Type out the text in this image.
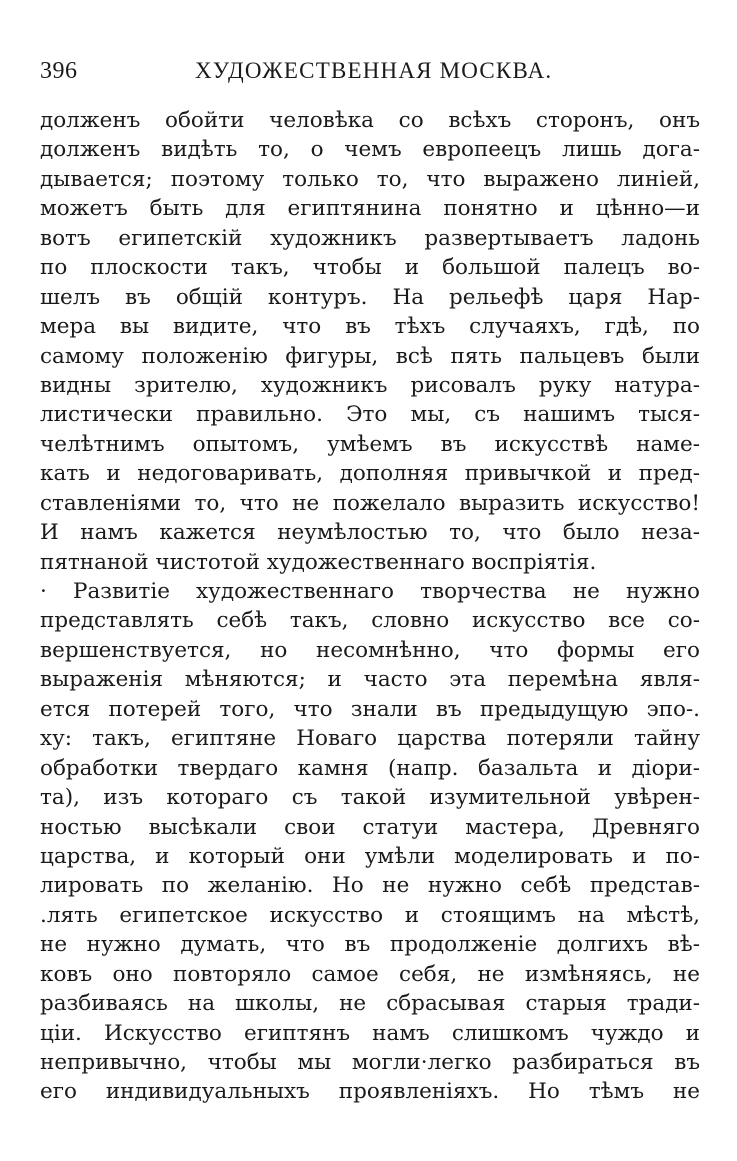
396	ХУДОЖЕСТВЕННАЯ МОСКВА.
долженъ обойти человѣка со всѣхъ сторонъ, онъ
долженъ видѣть то, о чемъ европеецъ лишь дога-
дывается; поэтому только то, что выражено линіей,
можетъ быть для египтянина понятно и цѣнно—и
вотъ египетскій художникъ развертываетъ ладонь
по плоскости такъ, чтобы и большой палецъ во-
шелъ въ общій контуръ. На рельефѣ царя Нар-
мера вы видите, что въ тѣхъ случаяхъ, гдѣ, по
самому положенію фигуры, всѣ пять пальцевъ были
видны зрителю, художникъ рисовалъ руку натура-
листически правильно. Это мы, съ нашимъ тыся-
челѣтнимъ опытомъ, умѣемъ въ искусствѣ наме-
кать и недоговаривать, дополняя привычкой и пред-
ставленіями то, что не пожелало выразить искусство!
И намъ кажется неумѣлостью то, что было неза-
пятнаной чистотой художественнаго воспріятія.
· Развитіе художественнаго творчества не нужно
представлять себѣ такъ, словно искусство все со-
вершенствуется, но несомнѣнно, что формы его
выраженія мѣняются; и часто эта перемѣна явля-
ется потерей того, что знали въ предыдущую эпо-.
ху: такъ, египтяне Новаго царства потеряли тайну
обработки твердаго камня (напр. базальта и діори-
та), изъ котораго съ такой изумительной увѣрен-
ностью высѣкали свои статуи мастера, Древняго
царства, и который они умѣли моделировать и по-
лировать по желанію. Но не нужно себѣ представ-
.лять египетское искусство и стоящимъ на мѣстѣ,
не нужно думать, что въ продолженіе долгихъ вѣ-
ковъ оно повторяло самое себя, не измѣняясь, не
разбиваясь на школы, не сбрасывая старыя тради-
ціи. Искусство египтянъ намъ слишкомъ чуждо и
непривычно, чтобы мы могли·легко разбираться въ
его индивидуальныхъ проявленіяхъ. Но тѣмъ не
